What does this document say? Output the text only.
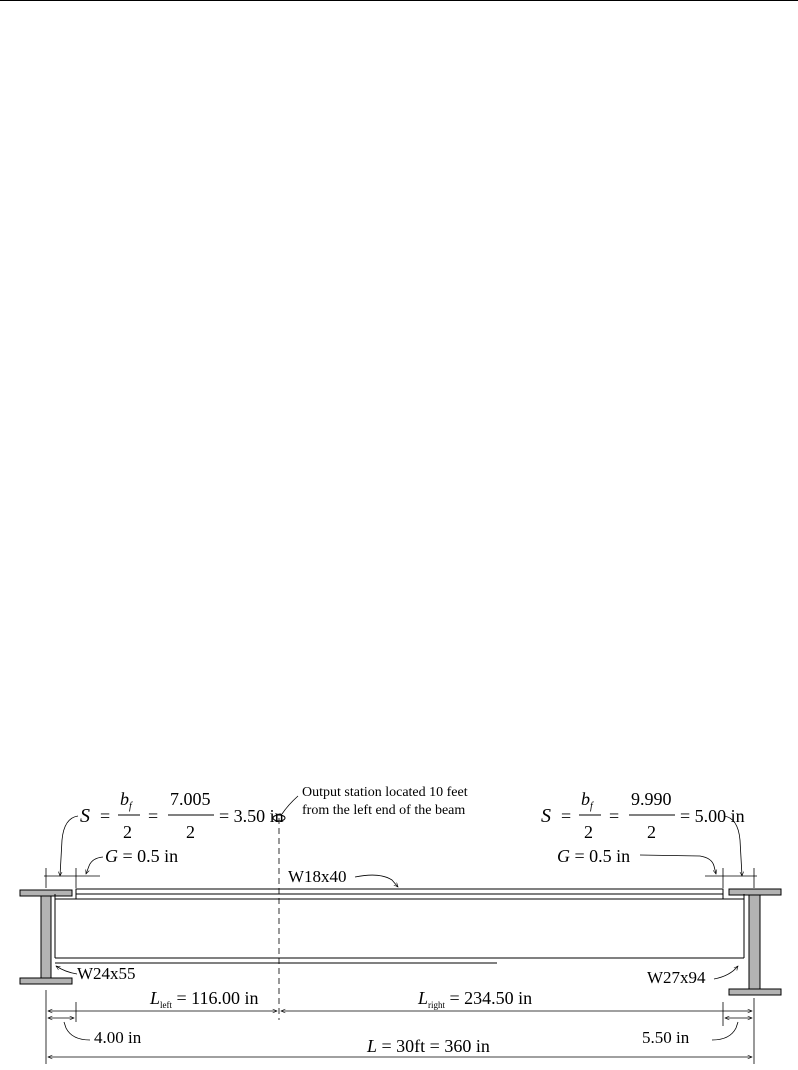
Output station located 10 feet
from the left end of the beam
S =
$b_f$
2
=
7.005
2
= 3.50 in
G = 0.5 in
S =
$b_f$
2
=
9.990
2
= 5.00 in
G = 0.5 in
W18x40
W24x55	W27x94
$L_{left} = 116.00$ in	$L_{right} = 234.50$ in
4.00 in	5.50 in
L = 30ft = 360 in
